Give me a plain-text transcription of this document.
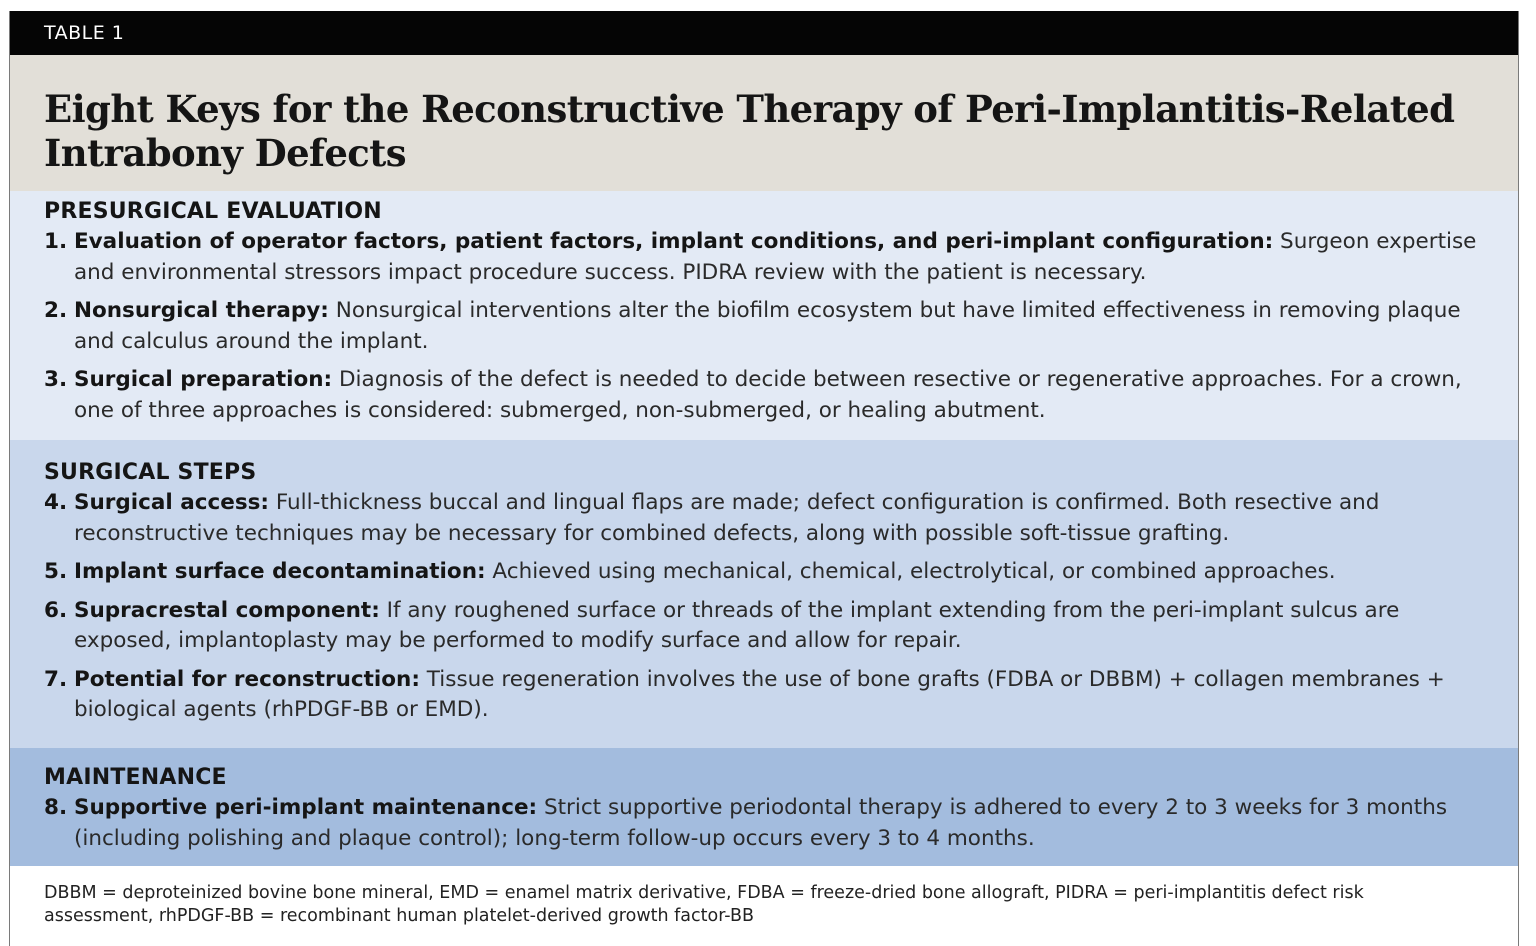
TABLE 1
Eight Keys for the Reconstructive Therapy of Peri-Implantitis-Related Intrabony Defects
PRESURGICAL EVALUATION

1. Evaluation of operator factors, patient factors, implant conditions, and peri-implant configuration: Surgeon expertise and environmental stressors impact procedure success. PIDRA review with the patient is necessary.

2. Nonsurgical therapy: Nonsurgical interventions alter the biofilm ecosystem but have limited effectiveness in removing plaque and calculus around the implant.

3. Surgical preparation: Diagnosis of the defect is needed to decide between resective or regenerative approaches. For a crown, one of three approaches is considered: submerged, non-submerged, or healing abutment.

SURGICAL STEPS

4. Surgical access: Full-thickness buccal and lingual flaps are made; defect configuration is confirmed. Both resective and reconstructive techniques may be necessary for combined defects, along with possible soft-tissue grafting.

5. Implant surface decontamination: Achieved using mechanical, chemical, electrolytical, or combined approaches.

6. Supracrestal component: If any roughened surface or threads of the implant extending from the peri-implant sulcus are exposed, implantoplasty may be performed to modify surface and allow for repair.

7. Potential for reconstruction: Tissue regeneration involves the use of bone grafts (FDBA or DBBM) + collagen membranes + biological agents (rhPDGF-BB or EMD).

MAINTENANCE

8. Supportive peri-implant maintenance: Strict supportive periodontal therapy is adhered to every 2 to 3 weeks for 3 months (including polishing and plaque control); long-term follow-up occurs every 3 to 4 months.

DBBM = deproteinized bovine bone mineral, EMD = enamel matrix derivative, FDBA = freeze-dried bone allograft, PIDRA = peri-implantitis defect risk assessment, rhPDGF-BB = recombinant human platelet-derived growth factor-BB
